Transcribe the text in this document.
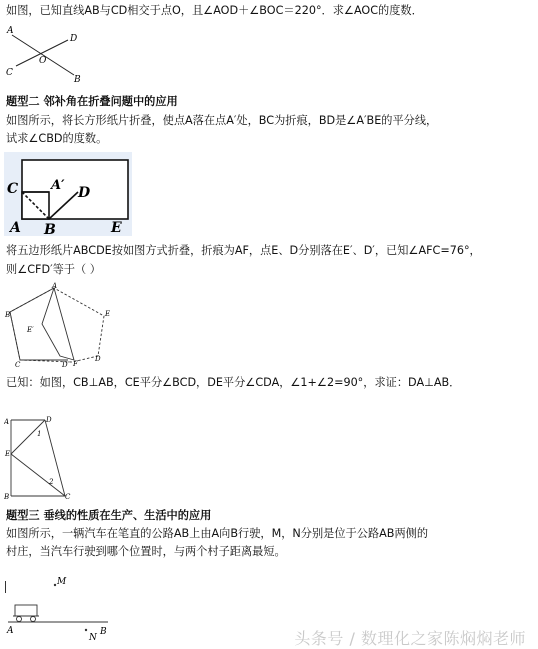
如图，已知直线AB与CD相交于点O，且∠AOD＋∠BOC＝220°．求∠AOC的度数．
A
D
O
C
B
题型二 邻补角在折叠问题中的应用
如图所示，将长方形纸片折叠，使点A落在点A′处，BC为折痕，BD是∠A′BE的平分线，
试求∠CBD的度数。
C	A′ D
A B	E
将五边形纸片ABCDE按如图方式折叠，折痕为AF，点E、D分别落在E′、D′，已知∠AFC=76°，
则∠CFD′等于（ ）
A
B
E′
E
C	D′ F
D
已知：如图，CB⊥AB，CE平分∠BCD，DE平分∠CDA，∠1+∠2=90°，求证：DA⊥AB．
A	D
1
E
2
B	C
题型三 垂线的性质在生产、生活中的应用
如图所示，一辆汽车在笔直的公路AB上由A向B行驶，M，N分别是位于公路AB两侧的
村庄，当汽车行驶到哪个位置时，与两个村子距离最短。
M
A
N
B	头条号 / 数理化之家陈焖焖老师
